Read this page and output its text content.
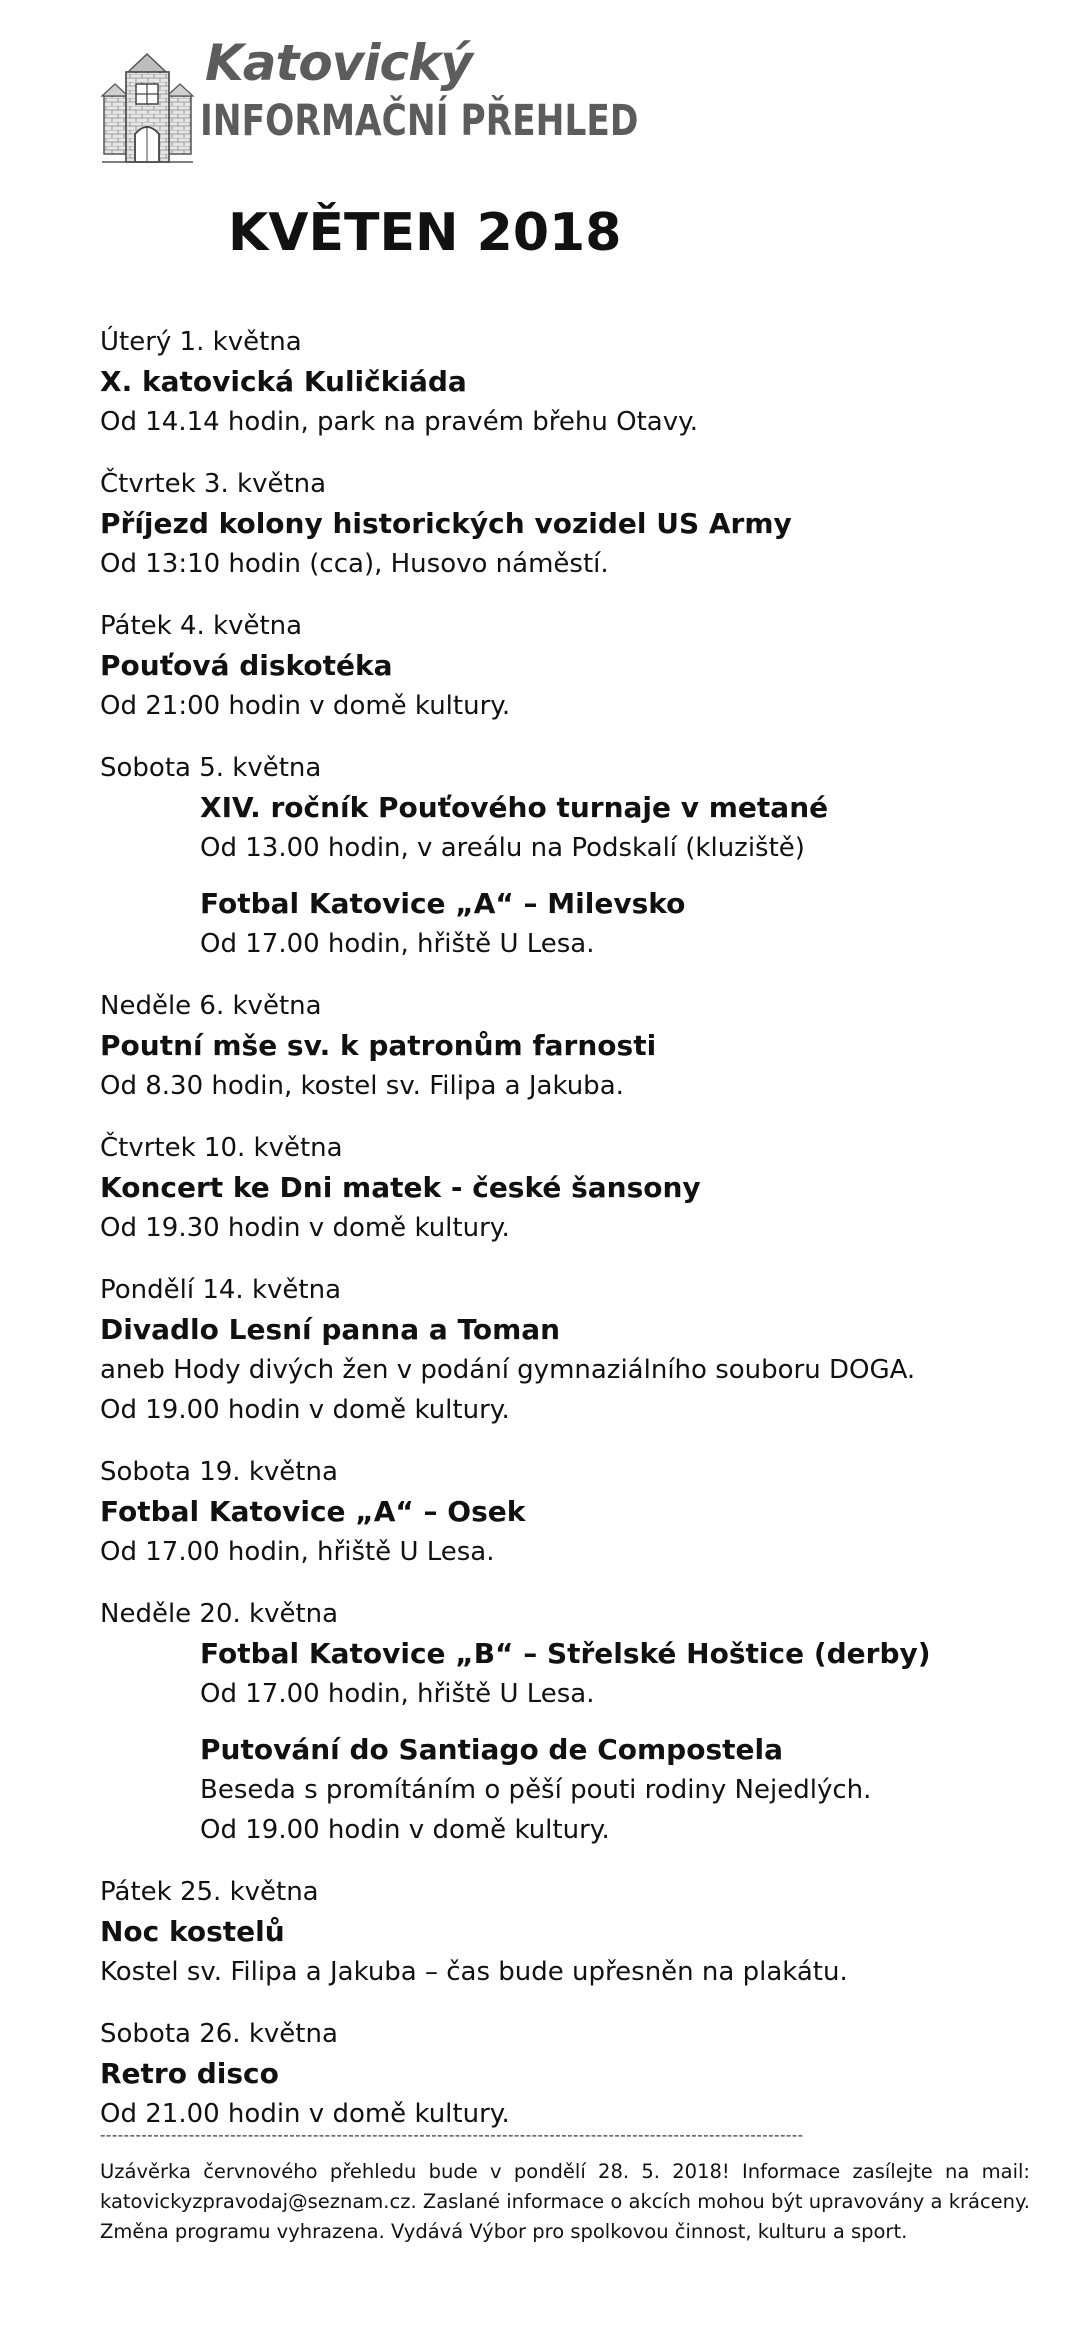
Katovický
INFORMAČNÍ PŘEHLED
KVĚTEN 2018
Úterý 1. května
X. katovická Kuličkiáda
Od 14.14 hodin, park na pravém břehu Otavy.
Čtvrtek 3. května
Příjezd kolony historických vozidel US Army
Od 13:10 hodin (cca), Husovo náměstí.
Pátek 4. května
Pouťová diskotéka
Od 21:00 hodin v domě kultury.
Sobota 5. května
XIV. ročník Pouťového turnaje v metané
Od 13.00 hodin, v areálu na Podskalí (kluziště)
Fotbal Katovice „A“ – Milevsko
Od 17.00 hodin, hřiště U Lesa.
Neděle 6. května
Poutní mše sv. k patronům farnosti
Od 8.30 hodin, kostel sv. Filipa a Jakuba.
Čtvrtek 10. května
Koncert ke Dni matek - české šansony
Od 19.30 hodin v domě kultury.
Pondělí 14. května
Divadlo Lesní panna a Toman
aneb Hody divých žen v podání gymnaziálního souboru DOGA.
Od 19.00 hodin v domě kultury.
Sobota 19. května
Fotbal Katovice „A“ – Osek
Od 17.00 hodin, hřiště U Lesa.
Neděle 20. května
Fotbal Katovice „B“ – Střelské Hoštice (derby)
Od 17.00 hodin, hřiště U Lesa.
Putování do Santiago de Compostela
Beseda s promítáním o pěší pouti rodiny Nejedlých.
Od 19.00 hodin v domě kultury.
Pátek 25. května
Noc kostelů
Kostel sv. Filipa a Jakuba – čas bude upřesněn na plakátu.
Sobota 26. května
Retro disco
Od 21.00 hodin v domě kultury.
-----------------------------------------------------------------------------------------------------------------------
Uzávěrka červnového přehledu bude v pondělí 28. 5. 2018! Informace zasílejte na mail: katovickyzpravodaj@seznam.cz. Zaslané informace o akcích mohou být upravovány a kráceny. Změna programu vyhrazena. Vydává Výbor pro spolkovou činnost, kulturu a sport.
